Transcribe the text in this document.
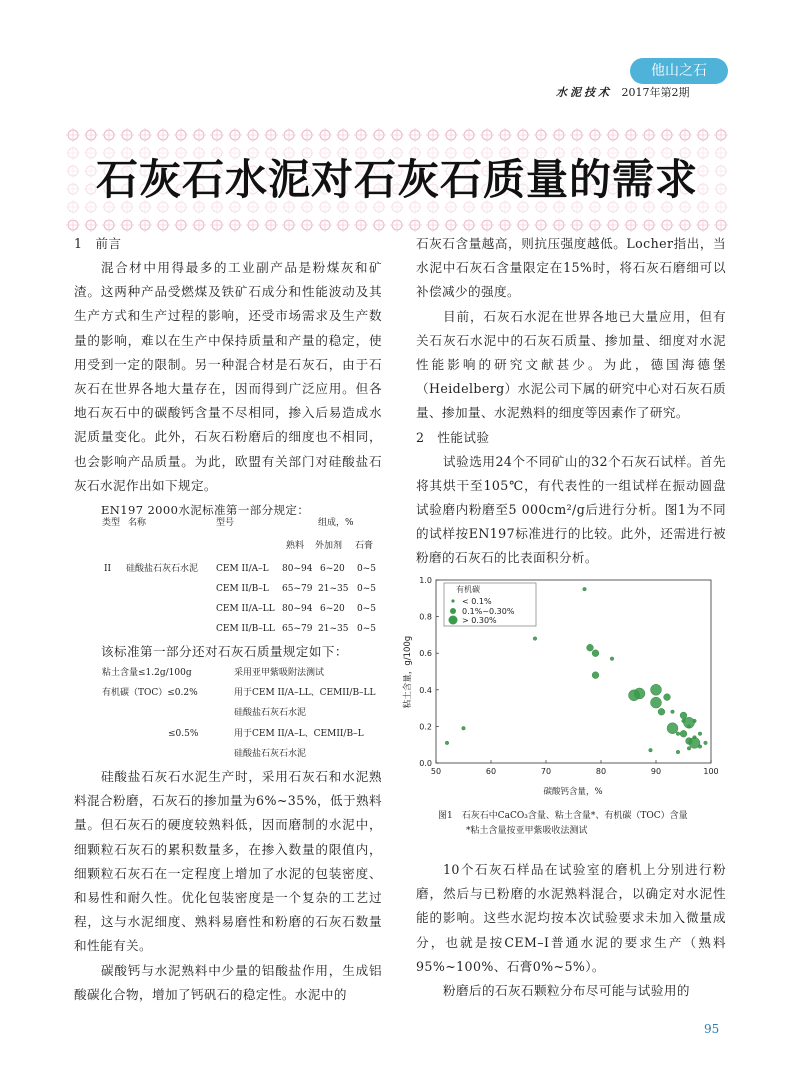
他山之石
水泥技术 2017年第2期
石灰石水泥对石灰石质量的需求

1　前言

混合材中用得最多的工业副产品是粉煤灰和矿渣。这两种产品受燃煤及铁矿石成分和性能波动及其生产方式和生产过程的影响，还受市场需求及生产数量的影响，难以在生产中保持质量和产量的稳定，使用受到一定的限制。另一种混合材是石灰石，由于石灰石在世界各地大量存在，因而得到广泛应用。但各地石灰石中的碳酸钙含量不尽相同，掺入后易造成水泥质量变化。此外，石灰石粉磨后的细度也不相同，也会影响产品质量。为此，欧盟有关部门对硅酸盐石灰石水泥作出如下规定。

EN197 2000水泥标准第一部分规定：

类型 名称	型号	组成，%
熟料 外加剂 石膏
II 硅酸盐石灰石水泥 CEM II/A–L 80~94 6~20 0~5
CEM II/B–L 65~79 21~35 0~5
CEM II/A–LL 80~94 6~20 0~5
CEM II/B–LL 65~79 21~35 0~5

该标准第一部分还对石灰石质量规定如下：

粘土含量≤1.2g/100g	采用亚甲紫吸附法测试
有机碳（TOC）≤0.2%	用于CEM II/A–LL、CEMII/B–LL
硅酸盐石灰石水泥
≤0.5%	用于CEM II/A–L、CEMII/B–L
硅酸盐石灰石水泥

硅酸盐石灰石水泥生产时，采用石灰石和水泥熟料混合粉磨，石灰石的掺加量为6%~35%，低于熟料量。但石灰石的硬度较熟料低，因而磨制的水泥中，细颗粒石灰石的累积数量多，在掺入数量的限值内，细颗粒石灰石在一定程度上增加了水泥的包装密度、和易性和耐久性。优化包装密度是一个复杂的工艺过程，这与水泥细度、熟料易磨性和粉磨的石灰石数量和性能有关。

碳酸钙与水泥熟料中少量的铝酸盐作用，生成铝酸碳化合物，增加了钙矾石的稳定性。水泥中的

石灰石含量越高，则抗压强度越低。Locher指出，当水泥中石灰石含量限定在15%时，将石灰石磨细可以补偿减少的强度。

目前，石灰石水泥在世界各地已大量应用，但有关石灰石水泥中的石灰石质量、掺加量、细度对水泥性能影响的研究文献甚少。为此，德国海德堡（Heidelberg）水泥公司下属的研究中心对石灰石质量、掺加量、水泥熟料的细度等因素作了研究。

2　性能试验

试验选用24个不同矿山的32个石灰石试样。首先将其烘干至105℃，有代表性的一组试样在振动圆盘试验磨内粉磨至5 000cm²/g后进行分析。图1为不同的试样按EN197标准进行的比较。此外，还需进行被粉磨的石灰石的比表面积分析。

50	60	70	80	90	100
0.0
0.2
0.4
0.6
0.8
1.0
有机碳
< 0.1%
0.1%~0.30%
> 0.30%
碳酸钙含量，%
粘土含量，g/100g
图1　石灰石中CaCO₃含量、粘土含量*、有机碳（TOC）含量
*粘土含量按亚甲紫吸收法测试

10个石灰石样品在试验室的磨机上分别进行粉磨，然后与已粉磨的水泥熟料混合，以确定对水泥性能的影响。这些水泥均按本次试验要求未加入微量成分，也就是按CEM–I普通水泥的要求生产（熟料95%~100%、石膏0%~5%）。

粉磨后的石灰石颗粒分布尽可能与试验用的

95
